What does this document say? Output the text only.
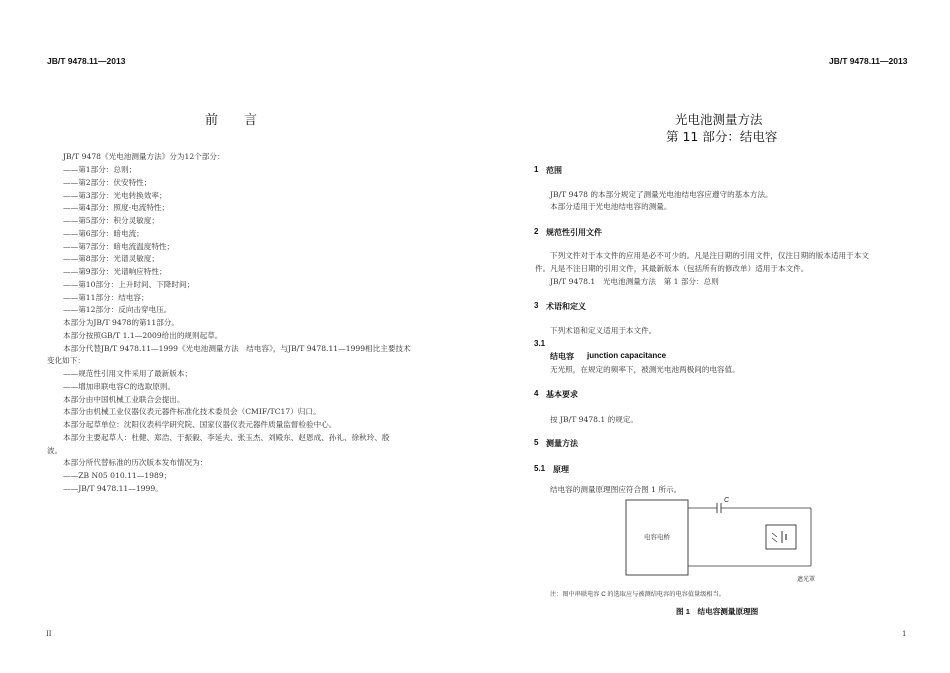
JB/T 9478.11—2013	JB/T 9478.11—2013
前　　言
JB/T 9478《光电池测量方法》分为12个部分：
——第1部分：总则；
——第2部分：伏安特性；
——第3部分：光电转换效率；
——第4部分：照度-电流特性；
——第5部分：积分灵敏度；
——第6部分：暗电流；
——第7部分：暗电流温度特性；
——第8部分：光谱灵敏度；
——第9部分：光谱响应特性；
——第10部分：上升时间、下降时间；
——第11部分：结电容；
——第12部分：反向击穿电压。
本部分为JB/T 9478的第11部分。
本部分按照GB/T 1.1—2009给出的规则起草。
本部分代替JB/T 9478.11—1999《光电池测量方法　结电容》，与JB/T 9478.11—1999相比主要技术
变化如下：
——规范性引用文件采用了最新版本；
——增加串联电容C的选取原则。
本部分由中国机械工业联合会提出。
本部分由机械工业仪器仪表元器件标准化技术委员会（CMIF/TC17）归口。
本部分起草单位：沈阳仪表科学研究院、国家仪器仪表元器件质量监督检验中心。
本部分主要起草人：杜健、郑浩、于振毅、李延夫、张玉杰、刘殿东、赵恩成、孙礼、徐秋玲、殷
波。
本部分所代替标准的历次版本发布情况为：
——ZB N05 010.11—1989；
——JB/T 9478.11—1999。
II
光电池测量方法
第 11 部分：结电容
1 范围
JB/T 9478 的本部分规定了测量光电池结电容应遵守的基本方法。
本部分适用于光电池结电容的测量。
2 规范性引用文件
下列文件对于本文件的应用是必不可少的。凡是注日期的引用文件，仅注日期的版本适用于本文
件。凡是不注日期的引用文件，其最新版本（包括所有的修改单）适用于本文件。
JB/T 9478.1　光电池测量方法　第 1 部分：总则
3 术语和定义
下列术语和定义适用于本文件。
3.1
结电容 junction capacitance
无光照，在规定的频率下，被测光电池两极间的电容值。
4 基本要求
按 JB/T 9478.1 的规定。
5 测量方法
5.1 原理
结电容的测量原理图应符合图 1 所示。
电容电桥
C
遮光罩
注：图中串联电容 C 的选取应与被测结电容的电容值量级相当。
图 1　结电容测量原理图
1
